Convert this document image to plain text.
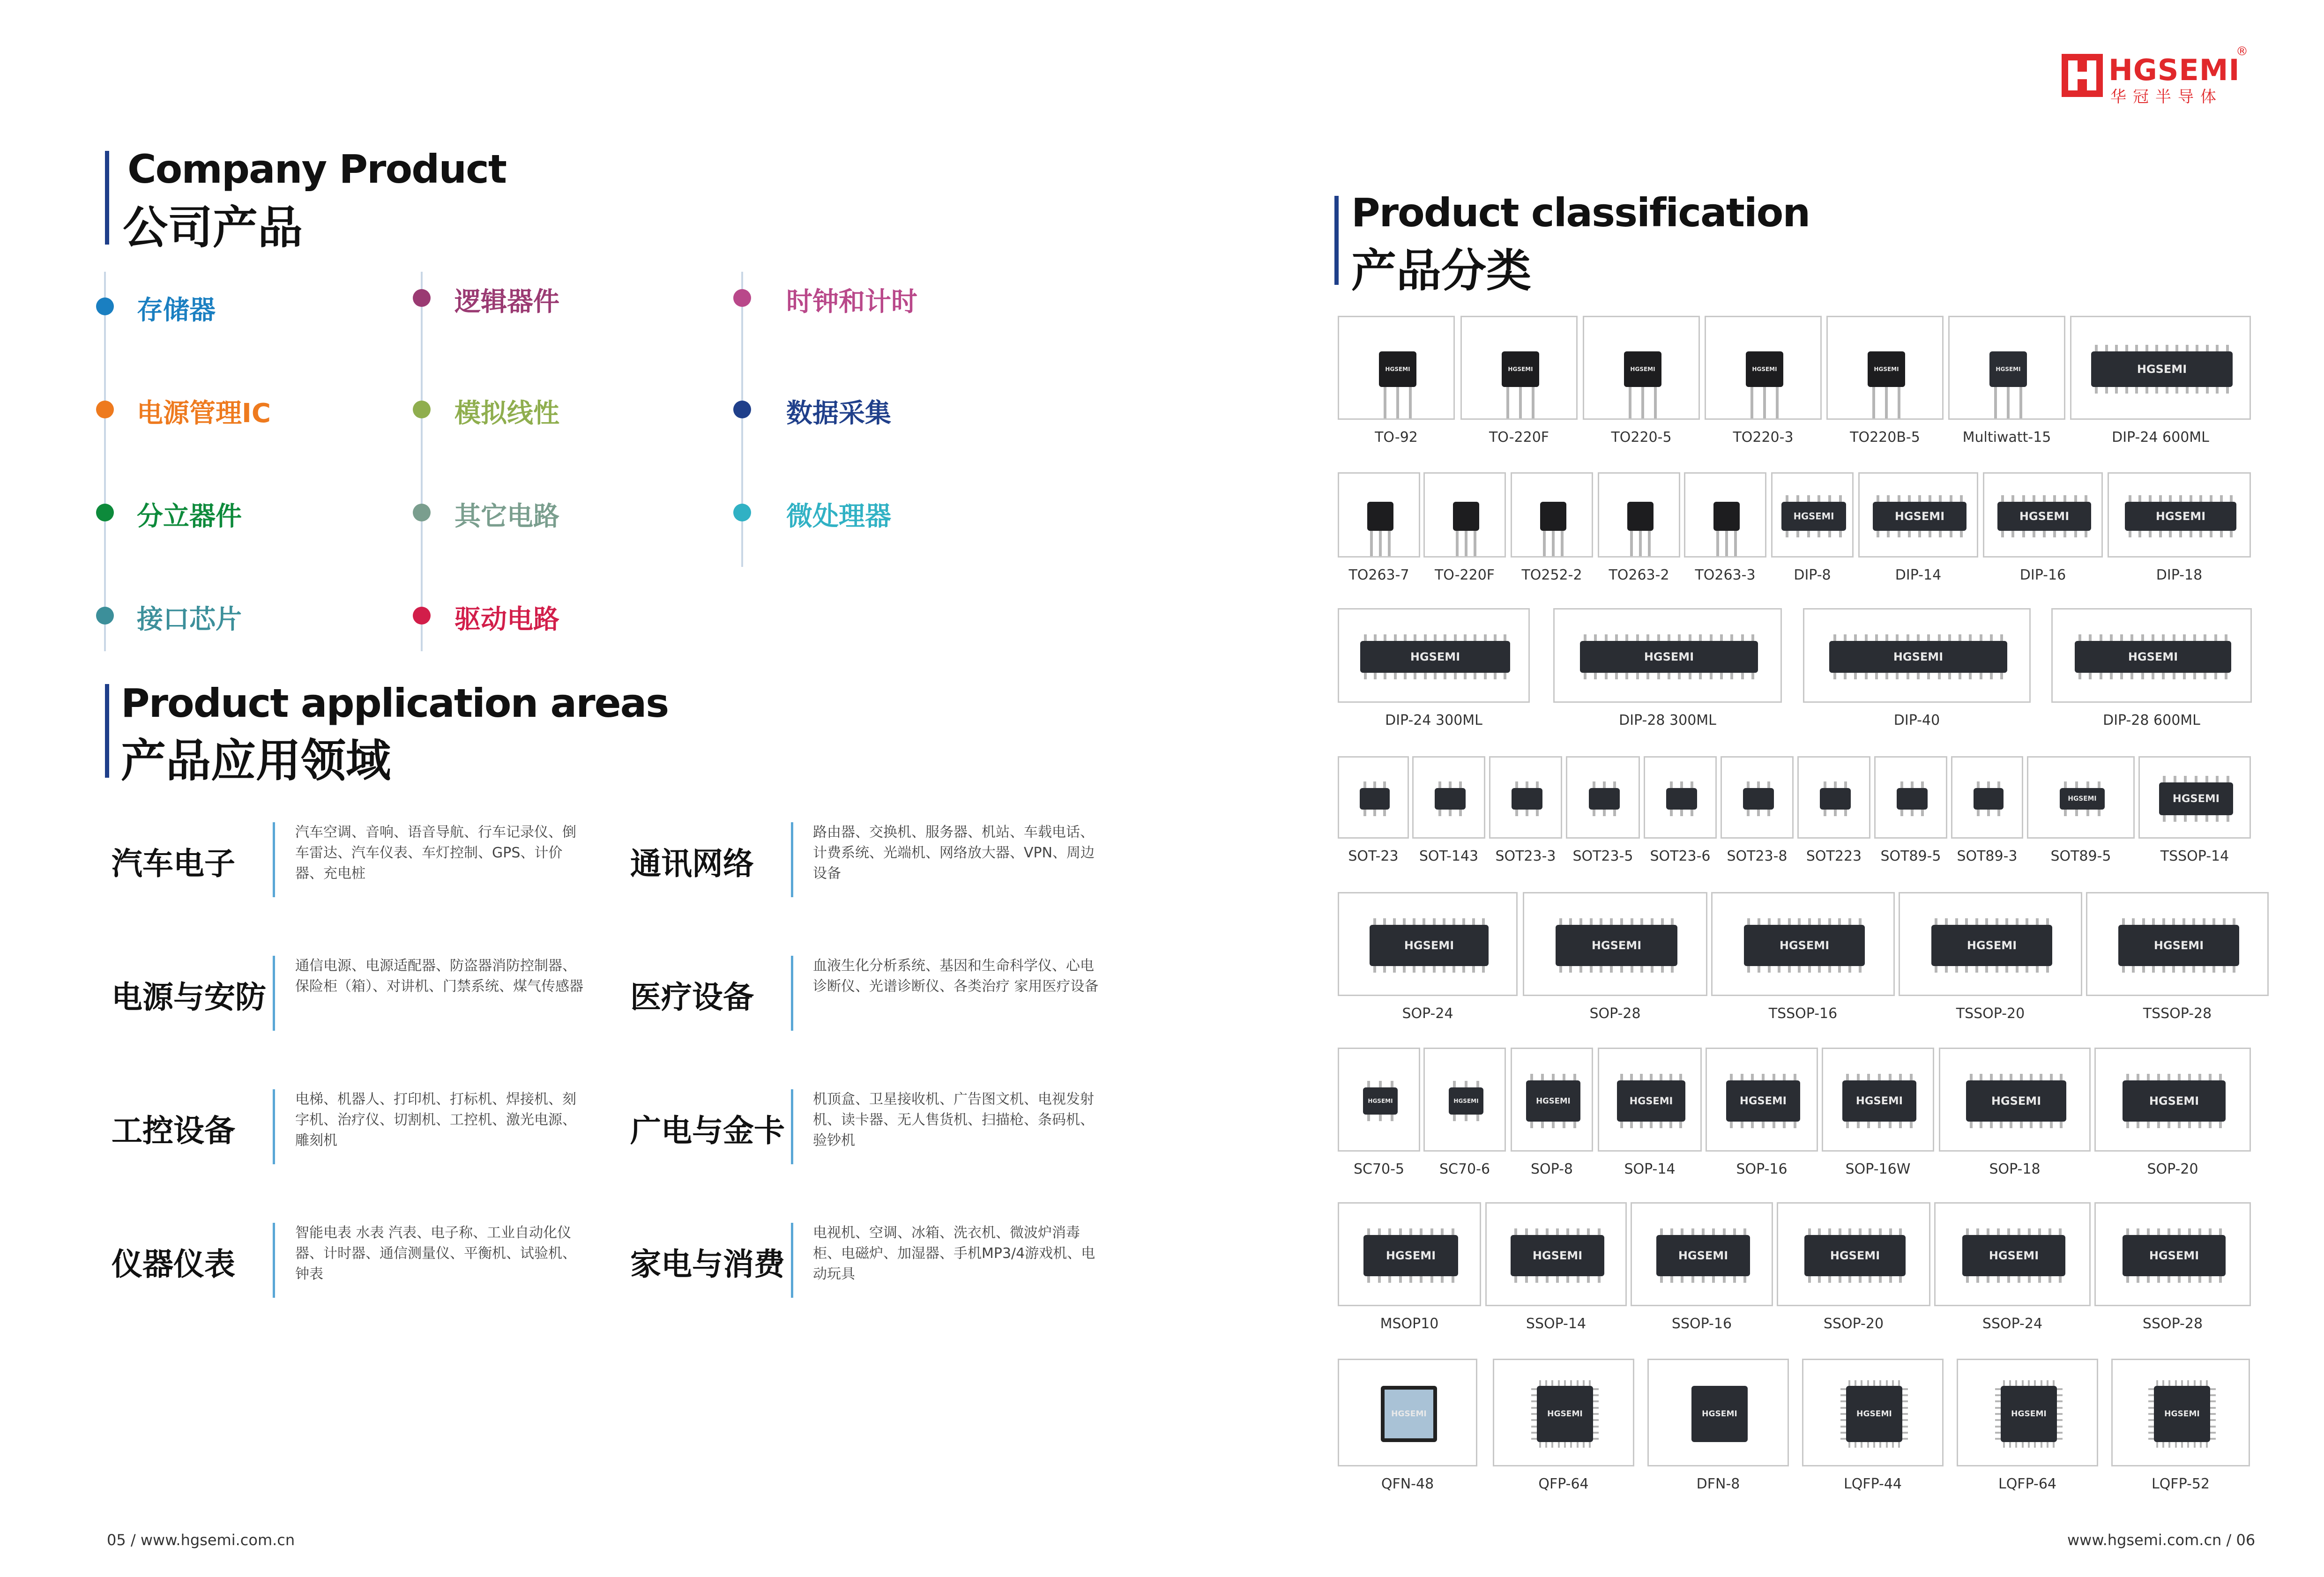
HGSEMI
®
华冠半导体
Company Product
公司产品
存储器
电源管理IC
分立器件
接口芯片
逻辑器件
模拟线性
其它电路
驱动电路
时钟和计时
数据采集
微处理器
Product application areas
产品应用领域
汽车电子
汽车空调、音响、语音导航、行车记录仪、倒车雷达、汽车仪表、车灯控制、GPS、计价器、充电桩
电源与安防
通信电源、电源适配器、防盗器消防控制器、保险柜（箱）、对讲机、门禁系统、煤气传感器
工控设备
电梯、机器人、打印机、打标机、焊接机、刻字机、治疗仪、切割机、工控机、激光电源、雕刻机
仪器仪表
智能电表 水表 汽表、电子称、工业自动化仪器、计时器、通信测量仪、平衡机、试验机、钟表
通讯网络
路由器、交换机、服务器、机站、车载电话、计费系统、光端机、网络放大器、VPN、周边设备
医疗设备
血液生化分析系统、基因和生命科学仪、心电诊断仪、光谱诊断仪、各类治疗 家用医疗设备
广电与金卡
机顶盒、卫星接收机、广告图文机、电视发射机、读卡器、无人售货机、扫描枪、条码机、验钞机
家电与消费
电视机、空调、冰箱、洗衣机、微波炉消毒柜、电磁炉、加湿器、手机MP3/4游戏机、电动玩具
Product classification
产品分类
HGSEMI
TO-92
HGSEMI
TO-220F
HGSEMI
TO220-5
HGSEMI
TO220-3
HGSEMI
TO220B-5
HGSEMI
Multiwatt-15
HGSEMI
DIP-24 600ML
TO263-7	TO-220F	TO252-2	TO263-2	TO263-3
HGSEMI
DIP-8
HGSEMI
DIP-14
HGSEMI
DIP-16
HGSEMI
DIP-18
HGSEMI
DIP-24 300ML
HGSEMI
DIP-28 300ML
HGSEMI
DIP-40
HGSEMI
DIP-28 600ML
SOT-23	SOT-143	SOT23-3	SOT23-5	SOT23-6	SOT23-8	SOT223	SOT89-5	SOT89-3
HGSEMI
SOT89-5
HGSEMI
TSSOP-14
HGSEMI
SOP-24
HGSEMI
SOP-28
HGSEMI
TSSOP-16
HGSEMI
TSSOP-20
HGSEMI
TSSOP-28
HGSEMI
SC70-5
HGSEMI
SC70-6
HGSEMI
SOP-8
HGSEMI
SOP-14
HGSEMI
SOP-16
HGSEMI
SOP-16W
HGSEMI
SOP-18
HGSEMI
SOP-20
HGSEMI
MSOP10
HGSEMI
SSOP-14
HGSEMI
SSOP-16
HGSEMI
SSOP-20
HGSEMI
SSOP-24
HGSEMI
SSOP-28
HGSEMI
QFN-48
HGSEMI
QFP-64
HGSEMI
DFN-8
HGSEMI
LQFP-44
HGSEMI
LQFP-64
HGSEMI
LQFP-52
05 / www.hgsemi.com.cn	www.hgsemi.com.cn / 06
